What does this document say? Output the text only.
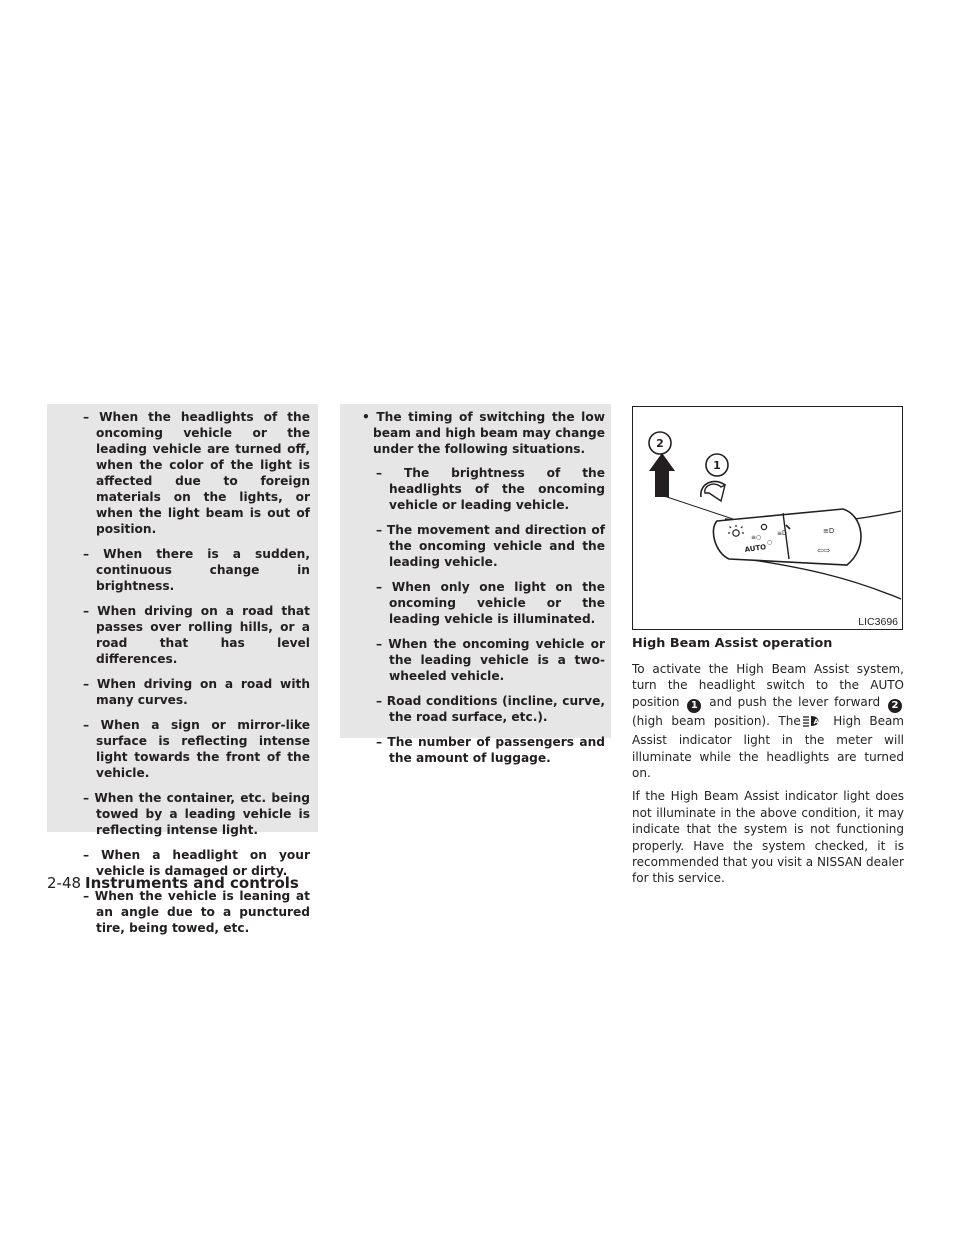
– When the headlights of the oncoming vehicle or the leading vehicle are turned off, when the color of the light is affected due to foreign materials on the lights, or when the light beam is out of position.
– When there is a sudden, continuous change in brightness.
– When driving on a road that passes over rolling hills, or a road that has level differences.
– When driving on a road with many curves.
– When a sign or mirror-like surface is reflecting intense light towards the front of the vehicle.
– When the container, etc. being towed by a leading vehicle is reflecting intense light.
– When a headlight on your vehicle is damaged or dirty.
– When the vehicle is leaning at an angle due to a punctured tire, being towed, etc.
• The timing of switching the low beam and high beam may change under the following situations.
– The brightness of the headlights of the oncoming vehicle or leading vehicle.
– The movement and direction of the oncoming vehicle and the leading vehicle.
– When only one light on the oncoming vehicle or the leading vehicle is illuminated.
– When the oncoming vehicle or the leading vehicle is a two-wheeled vehicle.
– Road conditions (incline, curve, the road surface, etc.).
– The number of passengers and the amount of luggage.
≡D
≡○
○
AUTO
≡D
⇦⇨
1
2
LIC3696
High Beam Assist operation

To activate the High Beam Assist system, turn the headlight switch to the AUTO position 1 and push the lever forward 2 (high beam position). The A High Beam Assist indicator light in the meter will illuminate while the headlights are turned on.

If the High Beam Assist indicator light does not illuminate in the above condition, it may indicate that the system is not functioning properly. Have the system checked, it is recommended that you visit a NISSAN dealer for this service.

2-48 Instruments and controls
